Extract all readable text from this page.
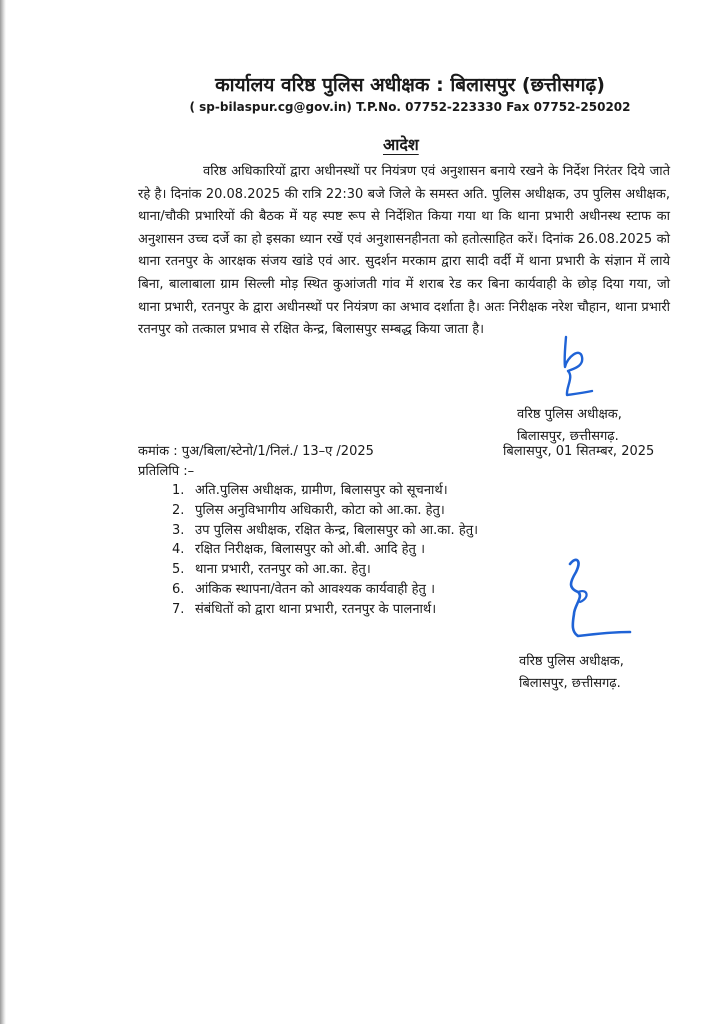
कार्यालय वरिष्ठ पुलिस अधीक्षक : बिलासपुर (छत्तीसगढ़)
( sp-bilaspur.cg@gov.in) T.P.No. 07752-223330 Fax 07752-250202
आदेश

वरिष्ठ अधिकारियों द्वारा अधीनस्थों पर नियंत्रण एवं अनुशासन बनाये रखने के निर्देश निरंतर दिये जाते रहे है। दिनांक 20.08.2025 की रात्रि 22:30 बजे जिले के समस्त अति. पुलिस अधीक्षक, उप पुलिस अधीक्षक, थाना/चौकी प्रभारियों की बैठक में यह स्पष्ट रूप से निर्देशित किया गया था कि थाना प्रभारी अधीनस्थ स्टाफ का अनुशासन उच्च दर्जे का हो इसका ध्यान रखें एवं अनुशासनहीनता को हतोत्साहित करें। दिनांक 26.08.2025 को थाना रतनपुर के आरक्षक संजय खांडे एवं आर. सुदर्शन मरकाम द्वारा सादी वर्दी में थाना प्रभारी के संज्ञान में लाये बिना, बालाबाला ग्राम सिल्ली मोड़ स्थित कुआंजती गांव में शराब रेड कर बिना कार्यवाही के छोड़ दिया गया, जो थाना प्रभारी, रतनपुर के द्वारा अधीनस्थों पर नियंत्रण का अभाव दर्शाता है। अतः निरीक्षक नरेश चौहान, थाना प्रभारी रतनपुर को तत्काल प्रभाव से रक्षित केन्द्र, बिलासपुर सम्बद्ध किया जाता है।

वरिष्ठ पुलिस अधीक्षक,
बिलासपुर, छत्तीसगढ़.
कमांक : पुअ/बिला/स्टेनो/1/निलं./ 13–ए /2025	बिलासपुर, 01 सितम्बर, 2025
प्रतिलिपि :–
1. अति.पुलिस अधीक्षक, ग्रामीण, बिलासपुर को सूचनार्थ।
2. पुलिस अनुविभागीय अधिकारी, कोटा को आ.का. हेतु।
3. उप पुलिस अधीक्षक, रक्षित केन्द्र, बिलासपुर को आ.का. हेतु।
4. रक्षित निरीक्षक, बिलासपुर को ओ.बी. आदि हेतु ।
5. थाना प्रभारी, रतनपुर को आ.का. हेतु।
6. आंकिक स्थापना/वेतन को आवश्यक कार्यवाही हेतु ।
7. संबंधितों को द्वारा थाना प्रभारी, रतनपुर के पालनार्थ।
वरिष्ठ पुलिस अधीक्षक,
बिलासपुर, छत्तीसगढ़.
